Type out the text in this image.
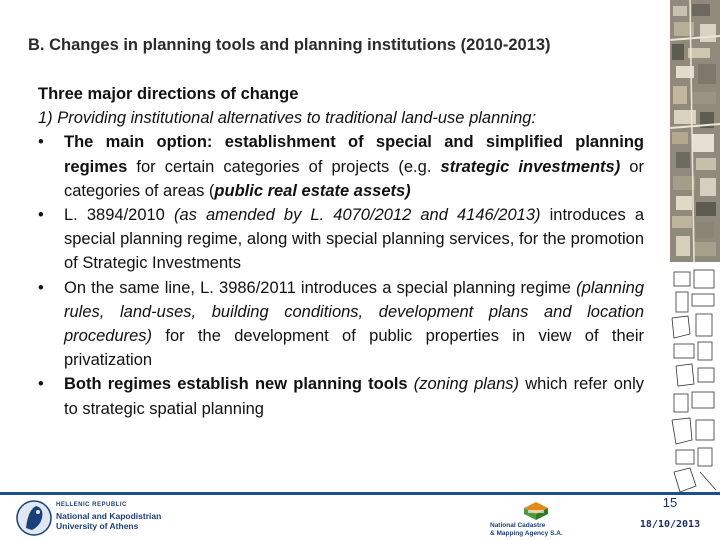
B. Changes in planning tools and planning institutions (2010-2013)

Three major directions of change

1) Providing institutional alternatives to traditional land-use planning:

• The main option: establishment of special and simplified planning regimes for certain categories of projects (e.g. strategic investments) or categories of areas (public real estate assets)
• L. 3894/2010 (as amended by L. 4070/2012 and 4146/2013) introduces a special planning regime, along with special planning services, for the promotion of Strategic Investments
• On the same line, L. 3986/2011 introduces a special planning regime (planning rules, land-uses, building conditions, development plans and location procedures) for the development of public properties in view of their privatization
• Both regimes establish new planning tools (zoning plans) which refer only to strategic spatial planning
15
18/10/2013
HELLENIC REPUBLIC
National and Kapodistrian
University of Athens	National Cadastre
& Mapping Agency S.A.
